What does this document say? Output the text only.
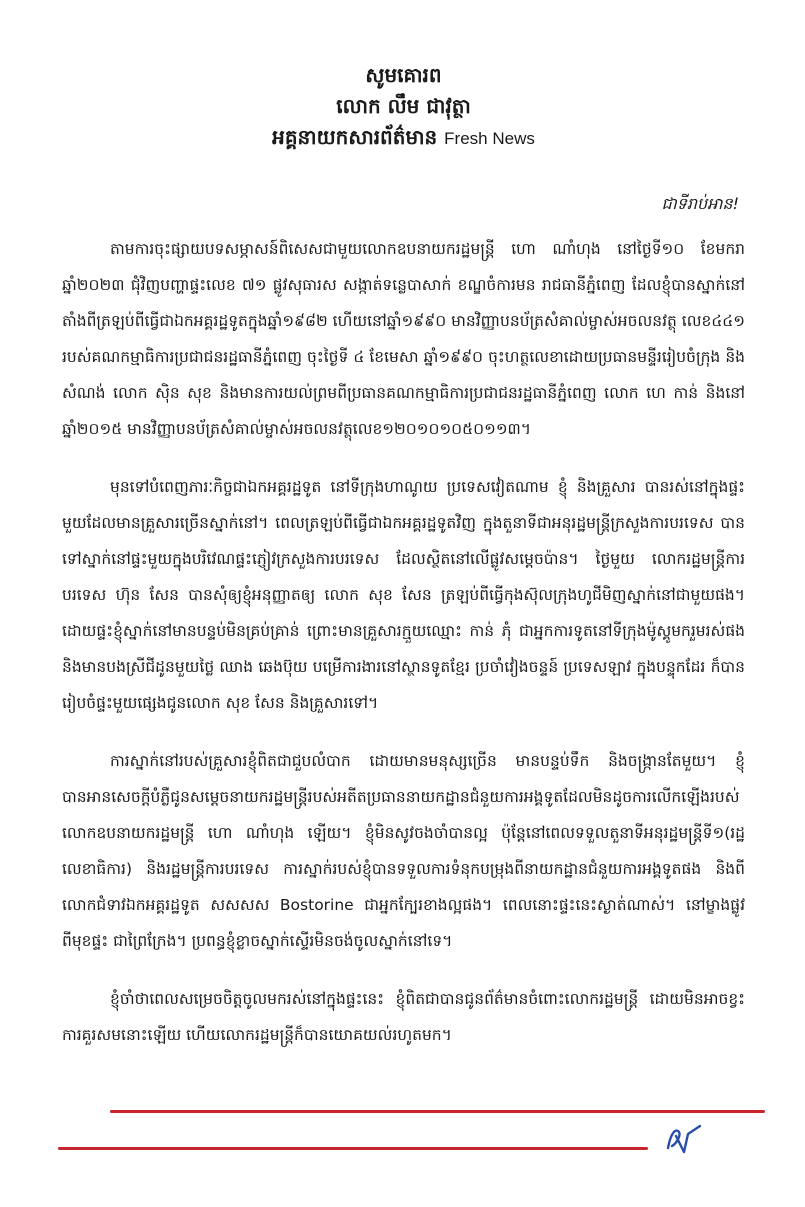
សូមគោរព
លោក លឹម ជាវុត្ថា
អគ្គនាយកសារព័ត៌មាន Fresh News
ជាទីរាប់អាន!

តាមការចុះផ្សាយបទសម្ភាសន៍ពិសេសជាមួយលោកឧបនាយករដ្ឋមន្ត្រី ហោ ណាំហុង នៅថ្ងៃទី១០ ខែមករាឆ្នាំ២០២៣ ជុំវិញបញ្ហាផ្ទះលេខ ៧១ ផ្លូវសុធារស សង្កាត់ទន្លេបាសាក់ ខណ្ឌចំការមន រាជធានីភ្នំពេញ ដែលខ្ញុំបានស្នាក់នៅតាំងពីត្រឡប់ពីធ្វើជាឯកអគ្គរដ្ឋទូតក្នុងឆ្នាំ១៩៨២ ហើយនៅឆ្នាំ១៩៩០ មានវិញ្ញាបនប័ត្រសំគាល់ម្ចាស់អចលនវត្ថុ លេខ៤៤១ របស់គណកម្មាធិការប្រជាជនរដ្ឋធានីភ្នំពេញ ចុះថ្ងៃទី ៤ ខែមេសា ឆ្នាំ១៩៩០ ចុះហត្ថលេខាដោយប្រធានមន្ទីររៀបចំក្រុង និងសំណង់ លោក ស៊ិន សុខ និងមានការយល់ព្រមពីប្រធានគណកម្មាធិការប្រជាជនរដ្ឋធានីភ្នំពេញ លោក ហេ កាន់ និងនៅឆ្នាំ២០១៥ មានវិញ្ញាបនប័ត្រសំគាល់ម្ចាស់អចលនវត្ថុលេខ១២០១០១០៥០១១៣។

មុនទៅបំពេញភារៈកិច្ចជាឯកអគ្គរដ្ឋទូត នៅទីក្រុងហាណូយ ប្រទេសវៀតណាម ខ្ញុំ និងគ្រួសារ បានរស់នៅក្នុងផ្ទះមួយដែលមានគ្រួសារច្រើនស្នាក់នៅ។ ពេលត្រឡប់ពីធ្វើជាឯកអគ្គរដ្ឋទូតវិញ ក្នុងតួនាទីជាអនុរដ្ឋមន្ត្រីក្រសួងការបរទេស បានទៅស្នាក់នៅផ្ទះមួយក្នុងបរិវេណផ្ទះភ្ញៀវក្រសួងការបរទេស ដែលស្ថិតនៅលើផ្លូវសម្តេចប៉ាន។ ថ្ងៃមួយ លោករដ្ឋមន្ត្រីការបរទេស ហ៊ុន សែន បានសុំឲ្យខ្ញុំអនុញ្ញាតឲ្យ លោក សុខ សែន ត្រឡប់ពីធ្វើកុងស៊ុលក្រុងហូជីមិញស្នាក់នៅជាមួយផង។ ដោយផ្ទះខ្ញុំស្នាក់នៅមានបន្ទប់មិនគ្រប់គ្រាន់ ព្រោះមានគ្រួសារក្មួយឈ្មោះ កាន់ ភុំ ជាអ្នកការទូតនៅទីក្រុងម៉ូស្គូមករួមរស់ផង និងមានបងស្រីជីដូនមួយថ្លៃ ឈាង ឆេងប៊ុយ បម្រើការងារនៅស្ថានទូតខ្មែរ ប្រចាំវៀងចន្ទន៍ ប្រទេសឡាវ ក្នុងបន្ទុកដែរ ក៏បានរៀបចំផ្ទះមួយផ្សេងជូនលោក សុខ សែន និងគ្រួសារទៅ។

ការស្នាក់នៅរបស់គ្រួសារខ្ញុំពិតជាជួបលំបាក ដោយមានមនុស្សច្រើន មានបន្ទប់ទឹក និងចង្ក្រានតែមួយ។ ខ្ញុំបានអានសេចក្តីបំភ្លឺជូនសម្តេចនាយករដ្ឋមន្ត្រីរបស់អតីតប្រធាននាយកដ្ឋានជំនួយការអង្គទូតដែលមិនដូចការលើកឡើងរបស់លោកឧបនាយករដ្ឋមន្ត្រី ហោ ណាំហុង ឡើយ។ ខ្ញុំមិនសូវចងចាំបានល្អ ប៉ុន្តែនៅពេលទទួលតួនាទីអនុរដ្ឋមន្ត្រីទី១(រដ្ឋលេខាធិការ) និងរដ្ឋមន្ត្រីការបរទេស ការស្នាក់របស់ខ្ញុំបានទទួលការទំនុកបម្រុងពីនាយកដ្ឋានជំនួយការអង្គទូតផង និងពីលោកជំទាវឯកអគ្គរដ្ឋទូត សសសស Bostorine ជាអ្នកក្បែរខាងល្អផង។ ពេលនោះផ្ទះនេះស្ងាត់ណាស់។ នៅម្ខាងផ្លូវពីមុខផ្ទះ ជាព្រៃក្រែង។ ប្រពន្ធខ្ញុំខ្លាចស្នាក់ស្ទើរមិនចង់ចូលស្នាក់នៅទេ។

ខ្ញុំចាំថាពេលសម្រេចចិត្តចូលមករស់នៅក្នុងផ្ទះនេះ ខ្ញុំពិតជាបានជូនព័ត៌មានចំពោះលោករដ្ឋមន្ត្រី ដោយមិនអាចខ្វះការគួរសមនោះឡើយ ហើយលោករដ្ឋមន្ត្រីក៏បានយោគយល់រហូតមក។
